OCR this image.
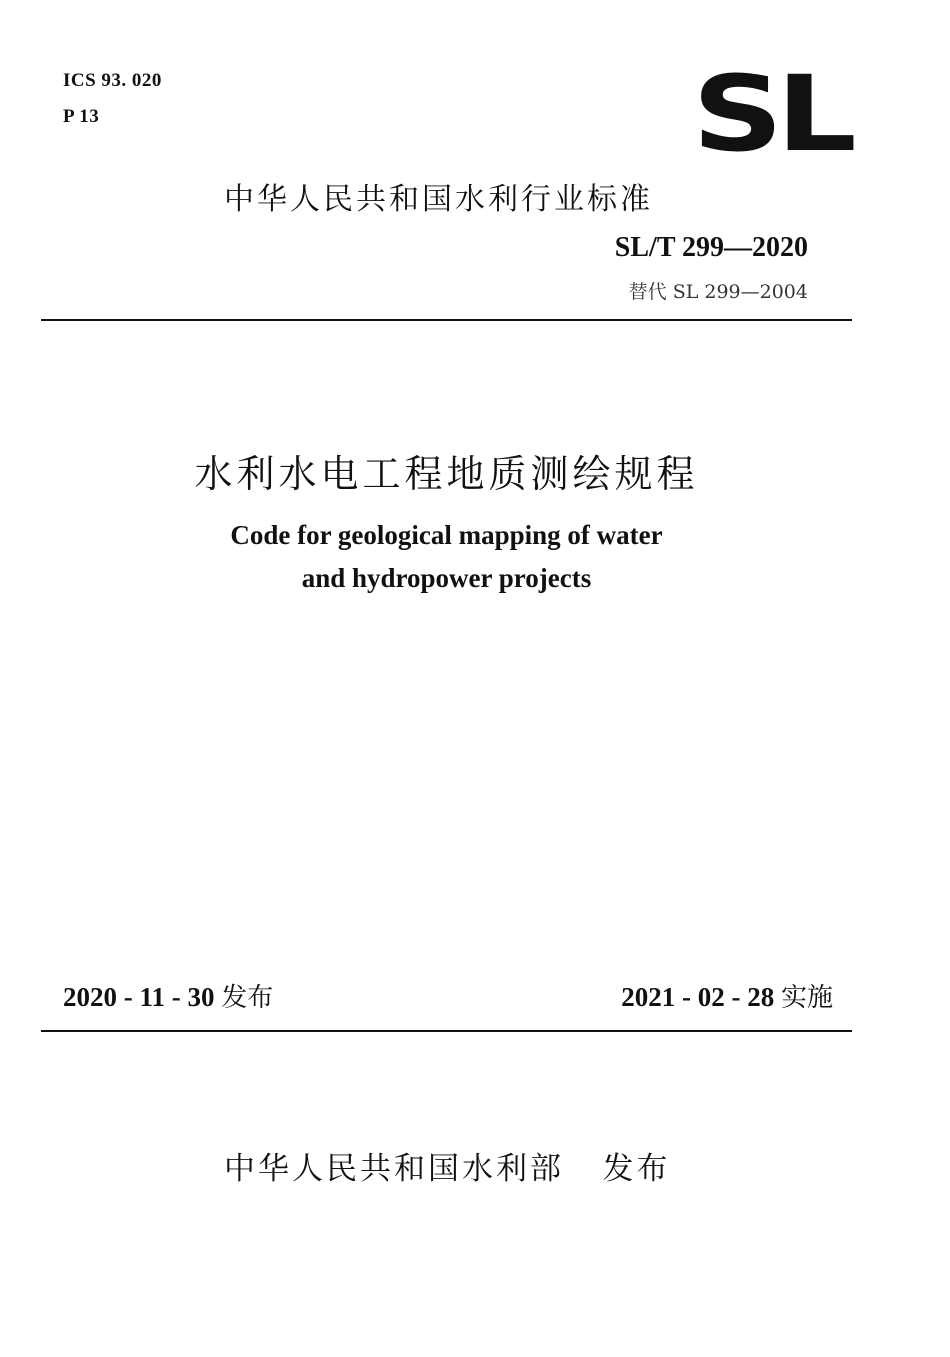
ICS 93. 020
P 13	SL
中华人民共和国水利行业标准
SL/T 299—2020
替代 SL 299—2004
水利水电工程地质测绘规程
Code for geological mapping of water
and hydropower projects
2020 - 11 - 30 发布	2021 - 02 - 28 实施
中华人民共和国水利部   发布
